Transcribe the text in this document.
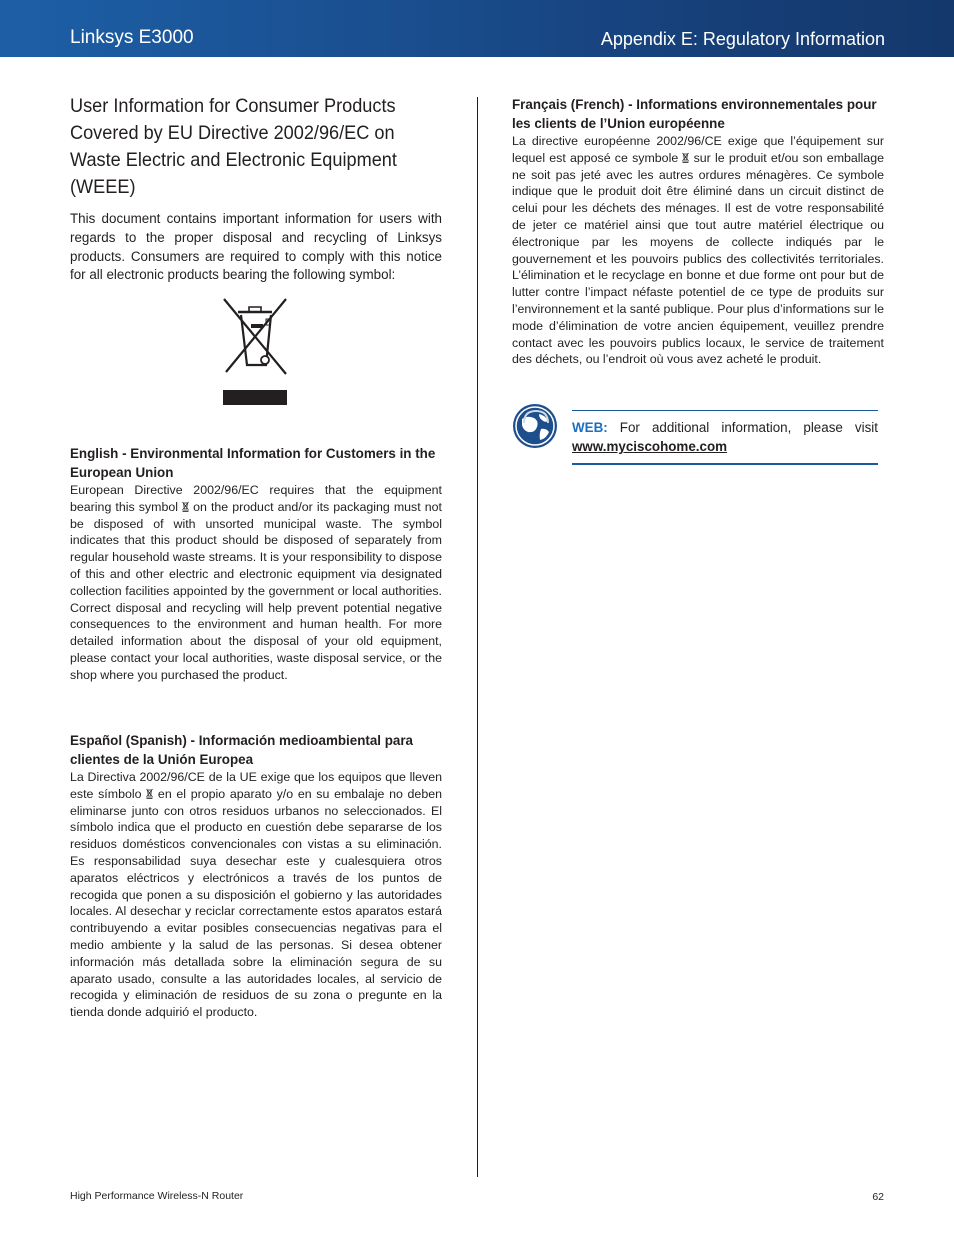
Linksys E3000	Appendix E: Regulatory Information
User Information for Consumer Products Covered by EU Directive 2002/96/EC on Waste Electric and Electronic Equipment (WEEE)

This document contains important information for users with regards to the proper disposal and recycling of Linksys products. Consumers are required to comply with this notice for all electronic products bearing the following symbol:

English - Environmental Information for Customers in the European Union

European Directive 2002/96/EC requires that the equipment bearing this symbol on the product and/or its packaging must not be disposed of with unsorted municipal waste. The symbol indicates that this product should be disposed of separately from regular household waste streams. It is your responsibility to dispose of this and other electric and electronic equipment via designated collection facilities appointed by the government or local authorities. Correct disposal and recycling will help prevent potential negative consequences to the environment and human health. For more detailed information about the disposal of your old equipment, please contact your local authorities, waste disposal service, or the shop where you purchased the product.

Español (Spanish) - Información medioambiental para clientes de la Unión Europea

La Directiva 2002/96/CE de la UE exige que los equipos que lleven este símbolo en el propio aparato y/o en su embalaje no deben eliminarse junto con otros residuos urbanos no seleccionados. El símbolo indica que el producto en cuestión debe separarse de los residuos domésticos convencionales con vistas a su eliminación. Es responsabilidad suya desechar este y cualesquiera otros aparatos eléctricos y electrónicos a través de los puntos de recogida que ponen a su disposición el gobierno y las autoridades locales. Al desechar y reciclar correctamente estos aparatos estará contribuyendo a evitar posibles consecuencias negativas para el medio ambiente y la salud de las personas. Si desea obtener información más detallada sobre la eliminación segura de su aparato usado, consulte a las autoridades locales, al servicio de recogida y eliminación de residuos de su zona o pregunte en la tienda donde adquirió el producto.

Français (French) - Informations environnementales pour les clients de l’Union européenne

La directive européenne 2002/96/CE exige que l’équipement sur lequel est apposé ce symbole sur le produit et/ou son emballage ne soit pas jeté avec les autres ordures ménagères. Ce symbole indique que le produit doit être éliminé dans un circuit distinct de celui pour les déchets des ménages. Il est de votre responsabilité de jeter ce matériel ainsi que tout autre matériel électrique ou électronique par les moyens de collecte indiqués par le gouvernement et les pouvoirs publics des collectivités territoriales. L’élimination et le recyclage en bonne et due forme ont pour but de lutter contre l’impact néfaste potentiel de ce type de produits sur l’environnement et la santé publique. Pour plus d’informations sur le mode d’élimination de votre ancien équipement, veuillez prendre contact avec les pouvoirs publics locaux, le service de traitement des déchets, ou l’endroit où vous avez acheté le produit.

WEB: For additional information, please visit www.myciscohome.com
High Performance Wireless-N Router	62
